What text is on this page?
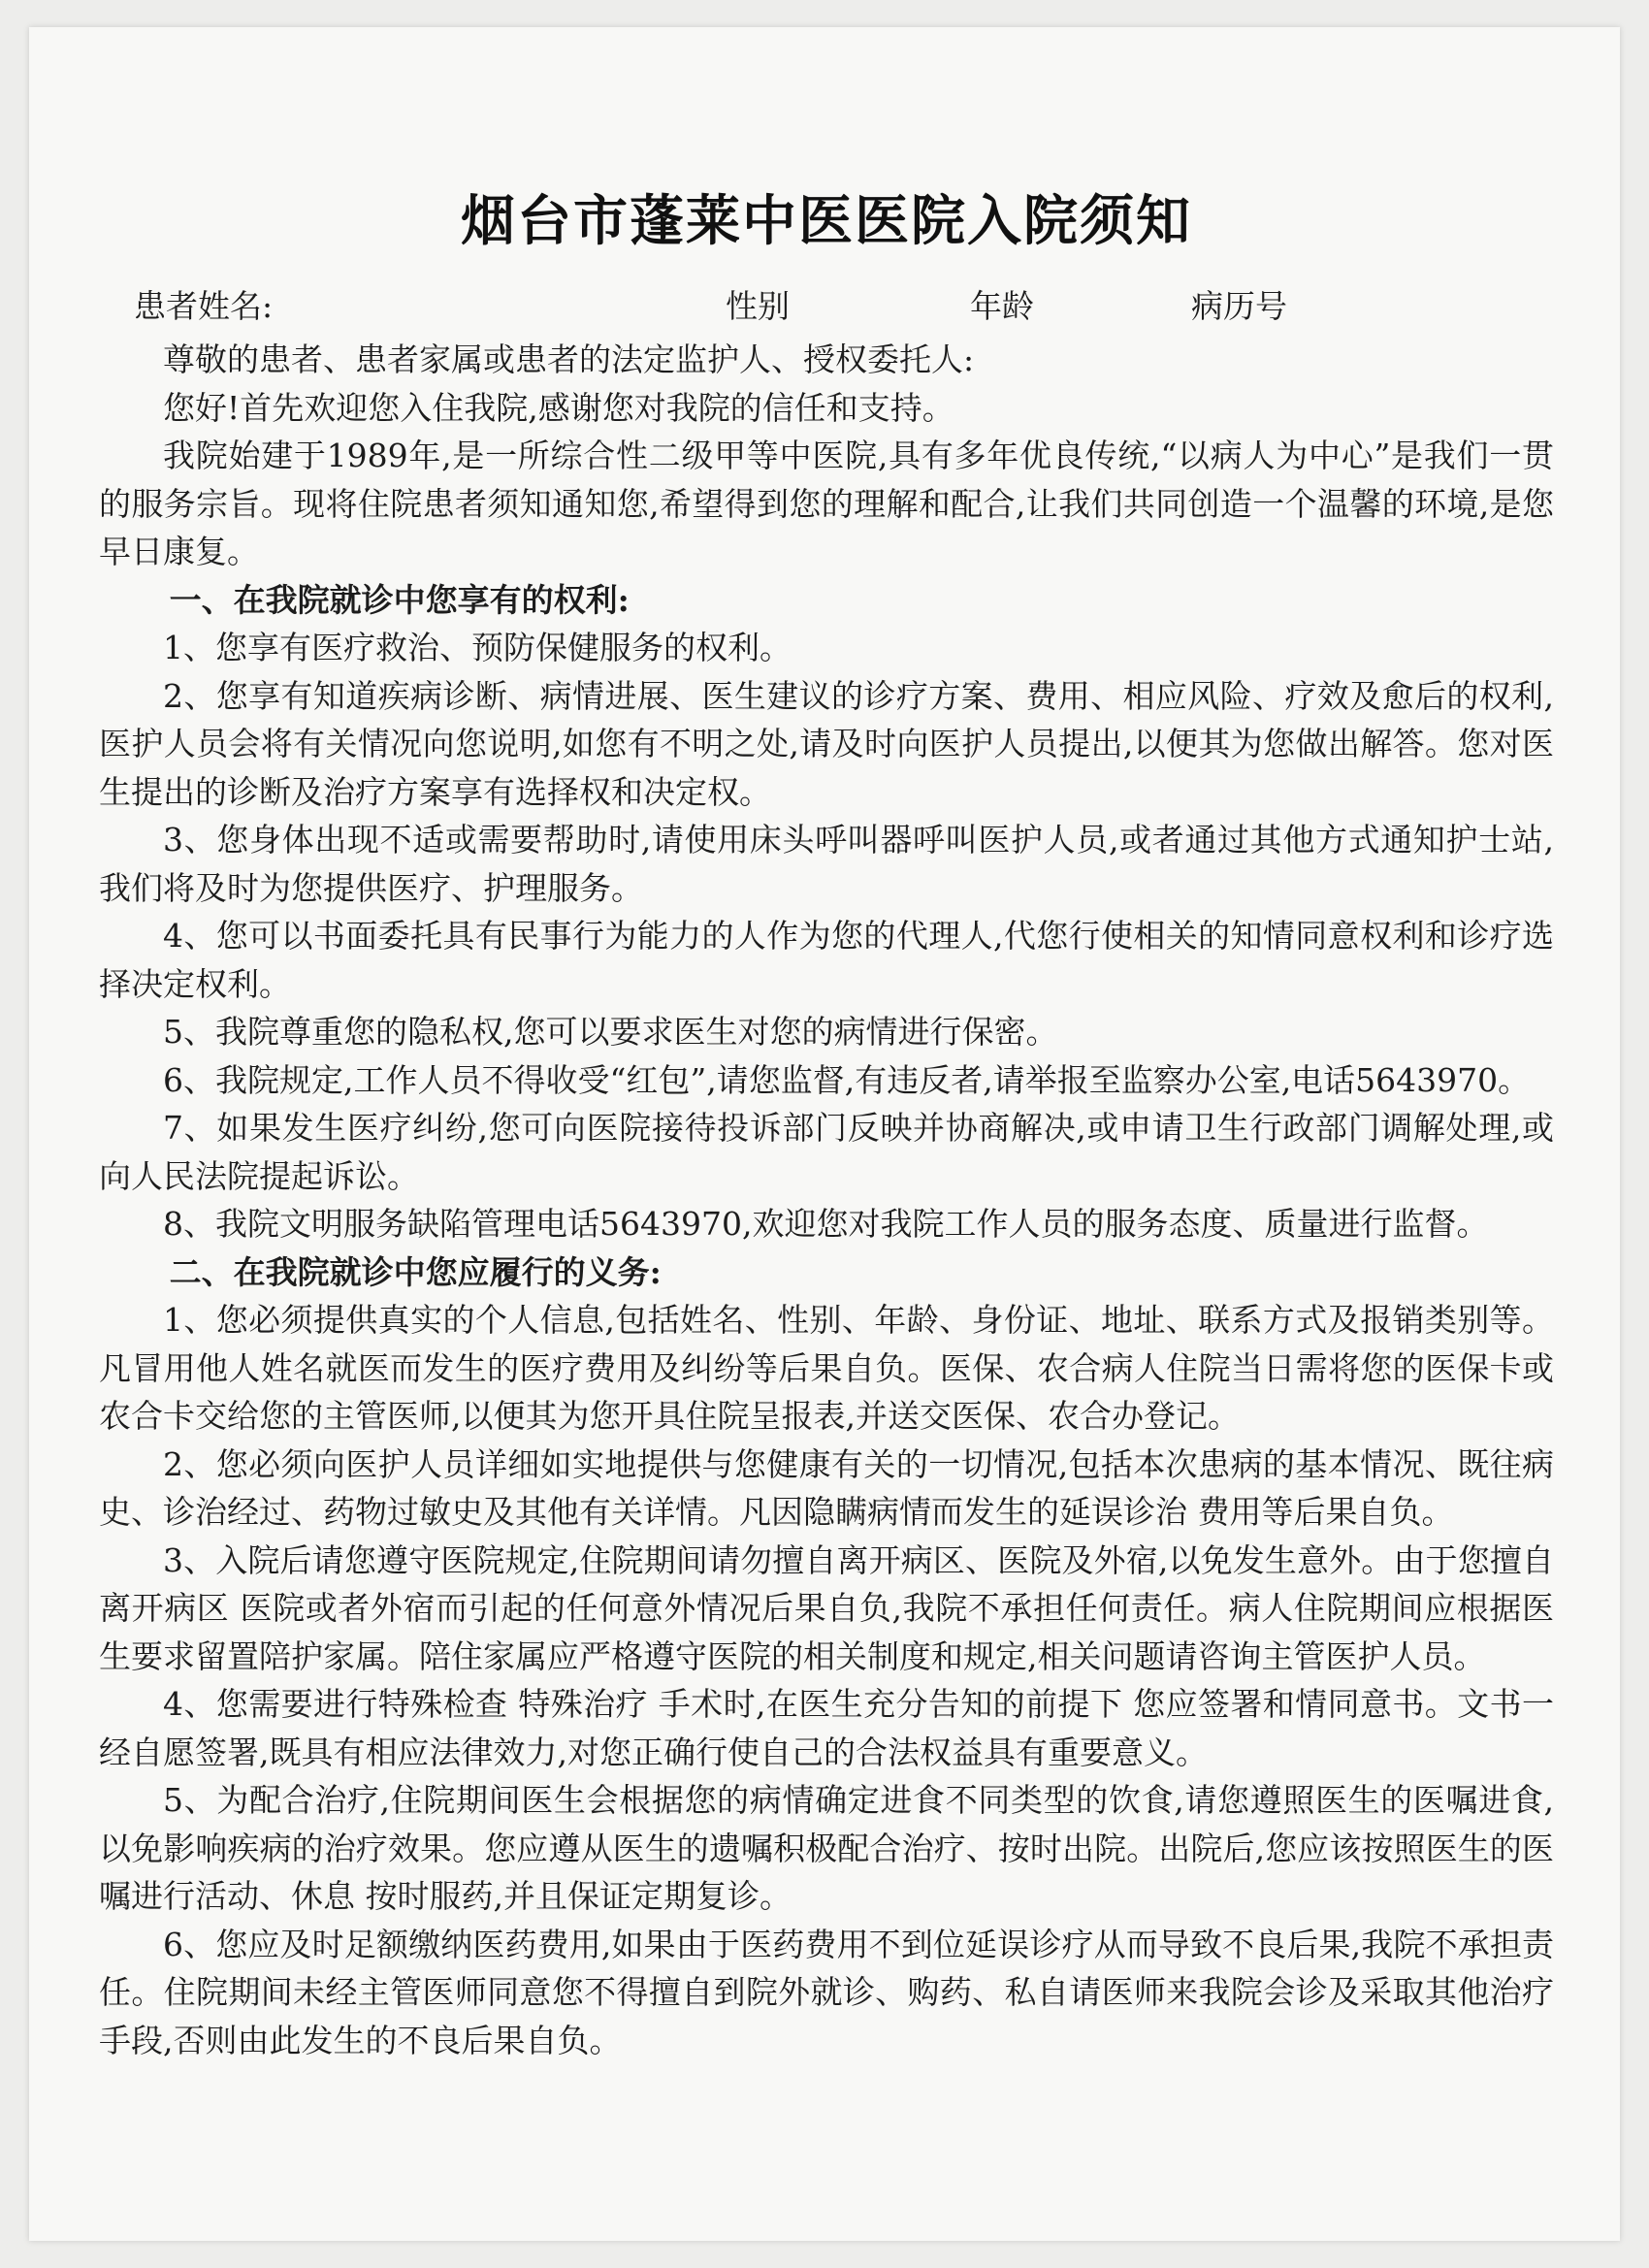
烟台市蓬莱中医医院入院须知
患者姓名:	性别	年龄	病历号

尊敬的患者、患者家属或患者的法定监护人、授权委托人:

您好!首先欢迎您入住我院,感谢您对我院的信任和支持。

我院始建于1989年,是一所综合性二级甲等中医院,具有多年优良传统,“以病人为中心”是我们一贯的服务宗旨。现将住院患者须知通知您,希望得到您的理解和配合,让我们共同创造一个温馨的环境,是您早日康复。

一、在我院就诊中您享有的权利:

1、您享有医疗救治、预防保健服务的权利。

2、您享有知道疾病诊断、病情进展、医生建议的诊疗方案、费用、相应风险、疗效及愈后的权利,医护人员会将有关情况向您说明,如您有不明之处,请及时向医护人员提出,以便其为您做出解答。您对医生提出的诊断及治疗方案享有选择权和决定权。

3、您身体出现不适或需要帮助时,请使用床头呼叫器呼叫医护人员,或者通过其他方式通知护士站,我们将及时为您提供医疗、护理服务。

4、您可以书面委托具有民事行为能力的人作为您的代理人,代您行使相关的知情同意权利和诊疗选择决定权利。

5、我院尊重您的隐私权,您可以要求医生对您的病情进行保密。

6、我院规定,工作人员不得收受“红包”,请您监督,有违反者,请举报至监察办公室,电话5643970。

7、如果发生医疗纠纷,您可向医院接待投诉部门反映并协商解决,或申请卫生行政部门调解处理,或向人民法院提起诉讼。

8、我院文明服务缺陷管理电话5643970,欢迎您对我院工作人员的服务态度、质量进行监督。

二、在我院就诊中您应履行的义务:

1、您必须提供真实的个人信息,包括姓名、性别、年龄、身份证、地址、联系方式及报销类别等。凡冒用他人姓名就医而发生的医疗费用及纠纷等后果自负。医保、农合病人住院当日需将您的医保卡或农合卡交给您的主管医师,以便其为您开具住院呈报表,并送交医保、农合办登记。

2、您必须向医护人员详细如实地提供与您健康有关的一切情况,包括本次患病的基本情况、既往病史、诊治经过、药物过敏史及其他有关详情。凡因隐瞒病情而发生的延误诊治 费用等后果自负。

3、入院后请您遵守医院规定,住院期间请勿擅自离开病区、医院及外宿,以免发生意外。由于您擅自离开病区 医院或者外宿而引起的任何意外情况后果自负,我院不承担任何责任。病人住院期间应根据医生要求留置陪护家属。陪住家属应严格遵守医院的相关制度和规定,相关问题请咨询主管医护人员。

4、您需要进行特殊检查 特殊治疗 手术时,在医生充分告知的前提下 您应签署和情同意书。文书一经自愿签署,既具有相应法律效力,对您正确行使自己的合法权益具有重要意义。

5、为配合治疗,住院期间医生会根据您的病情确定进食不同类型的饮食,请您遵照医生的医嘱进食,以免影响疾病的治疗效果。您应遵从医生的遗嘱积极配合治疗、按时出院。出院后,您应该按照医生的医嘱进行活动、休息 按时服药,并且保证定期复诊。

6、您应及时足额缴纳医药费用,如果由于医药费用不到位延误诊疗从而导致不良后果,我院不承担责任。住院期间未经主管医师同意您不得擅自到院外就诊、购药、私自请医师来我院会诊及采取其他治疗手段,否则由此发生的不良后果自负。
